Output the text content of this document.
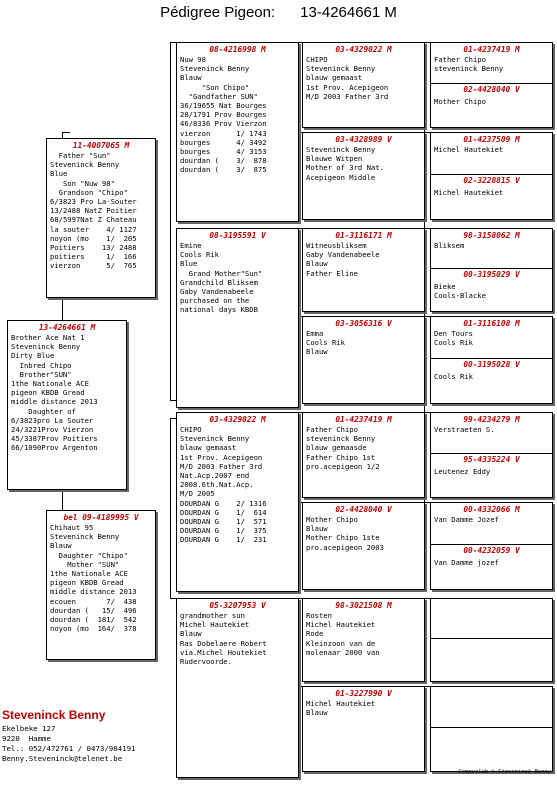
Pédigree Pigeon:      13-4264661 M
13-4264661 M
Brother Ace Nat 1
Steveninck Benny
Dirty Blue
Inbred Chipo
Brother"SUN"
1the Nationale ACE
pigeon KBDB Gread
middle distance 2013
Daughter of
6/3823pro La Souter
24/3221Prov Vierzon
45/3387Prov Poitiers
66/1090Prov Argenton
11-4007065 M
Father "Sun"
Steveninck Benny
Blue
Son "Nuw 98"
Grandson "Chipo"
6/3823 Pro La-Souter
13/2488 NatZ Poitier
68/5997Nat Z Chateau
la souter    4/ 1127
noyon (mo    1/  205
Poitiers    13/ 2488
poitiers     1/  166
vierzon      5/  765
bel 09-4189995 V
Chihaut 95
Steveninck Benny
Blauw
Daughter "Chipo"
Mother "SUN"
1the Nationale ACE
pigeon KBDB Gread
middle distance 2013
ecouen       7/  438
dourdan (   15/  496
dourdan (  181/  542
noyon (mo  164/  378
08-4216998 M
Nuw 98
Steveninck Benny
Blauw
"Son Chipo"
"Gandfather SUN"
36/19655 Nat Bourges
28/1791 Prov Bourges
46/8336 Prov Vierzon
vierzon      1/ 1743
bourges      4/ 3492
bourges      4/ 3153
dourdan (    3/  878
dourdan (    3/  875
08-3195591 V
Emine
Cools Rik
Blue
Grand Mother"Sun"
Grandchild Bliksem
Gaby Vandenabeele
purchased on the
national days KBDB
03-4329022 M
CHIPO
Steveninck Benny
blauw gemaast
1st Prov. Acepigeon
M/D 2003 Father 3rd
Nat.Acp.2007 end
2008.6th.Nat.Acp.
M/D 2005
DOURDAN G    2/ 1316
DOURDAN G    1/  614
DOURDAN G    1/  571
DOURDAN G    1/  375
DOURDAN G    1/  231
05-3207953 V
grandmother sun
Michel Hautekiet
Blauw
Ras Dobelaere Robert
via.Michel Houtekiet
Rudervoorde.
03-4329022 M
CHIPO
Steveninck Benny
blauw gemaast
1st Prov. Acepigeon
M/D 2003 Father 3rd
03-4328989 V
Steveninck Benny
Blauwe Witpen
Mother of 3rd Nat.
Acepigeon Middle
01-3116171 M
Witneusbliksem
Gaby Vandenabeele
Blauw
Father Eline
03-3056316 V
Emma
Cools Rik
Blauw
01-4237419 M
Father Chipo
steveninck Benny
blauw gemaasde
Father Chipo 1st
pro.acepigeon 1/2
02-4428040 V
Mother Chipo
Blauw
Mother Chipo 1ste
pro.acepigeon 2003
98-3021508 M
Rosten
Michel Hautekiet
Rode
Kleinzoon van de
molenaar 2000 van
01-3227990 V
Michel Hautekiet
Blauw
01-4237419 M
Father Chipo
steveninck Benny
02-4428040 V
Mother Chipo
01-4237509 M
Michel Hautekiet
02-3228815 V
Michel Hautekiet
98-3158062 M
Bliksem
00-3195029 V
Bieke
Cools-Blacke
01-3116108 M
Den Tours
Cools Rik
00-3195028 V
Cools Rik
99-4234279 M
Verstraeten S.
95-4335224 V
Leutenez Eddy
00-4332066 M
Van Damme Jozef
00-4232059 V
Van Damme jozef
Steveninck Benny
Ekelbeke 127
9220  Hamme
Tel.: 052/472761 / 0473/984191
Benny.Steveninck@telenet.be
Compuclub © Steveninck Benny
